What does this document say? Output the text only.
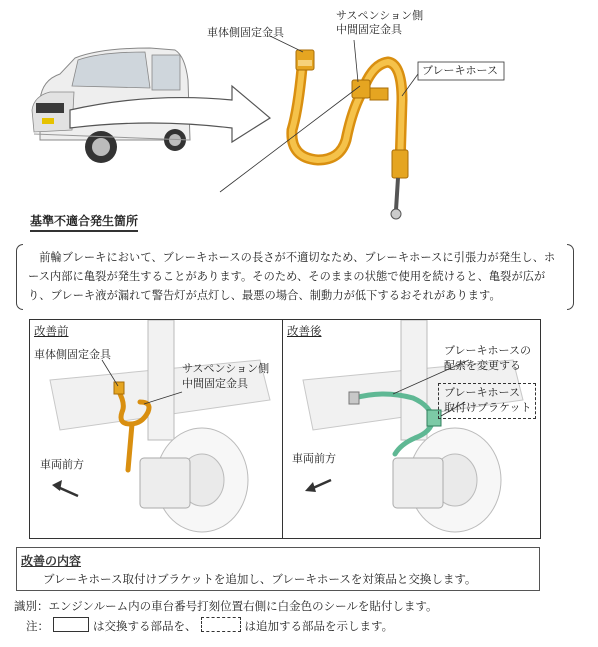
車体側固定金具
サスペンション側
中間固定金具
ブレーキホース
基準不適合発生箇所
前輪ブレーキにおいて、ブレーキホースの長さが不適切なため、ブレーキホースに引張力が発生し、ホース内部に亀裂が発生することがあります。そのため、そのままの状態で使用を続けると、亀裂が広がり、ブレーキ液が漏れて警告灯が点灯し、最悪の場合、制動力が低下するおそれがあります。
改善前
車体側固定金具
サスペンション側
中間固定金具
車両前方
改善後
ブレーキホースの
配索を変更する
ブレーキホース
取付けブラケット
車両前方
改善の内容
ブレーキホース取付けブラケットを追加し、ブレーキホースを対策品と交換します。
識別：エンジンルーム内の車台番号打刻位置右側に白金色のシールを貼付します。
注：	は交換する部品を、	は追加する部品を示します。
